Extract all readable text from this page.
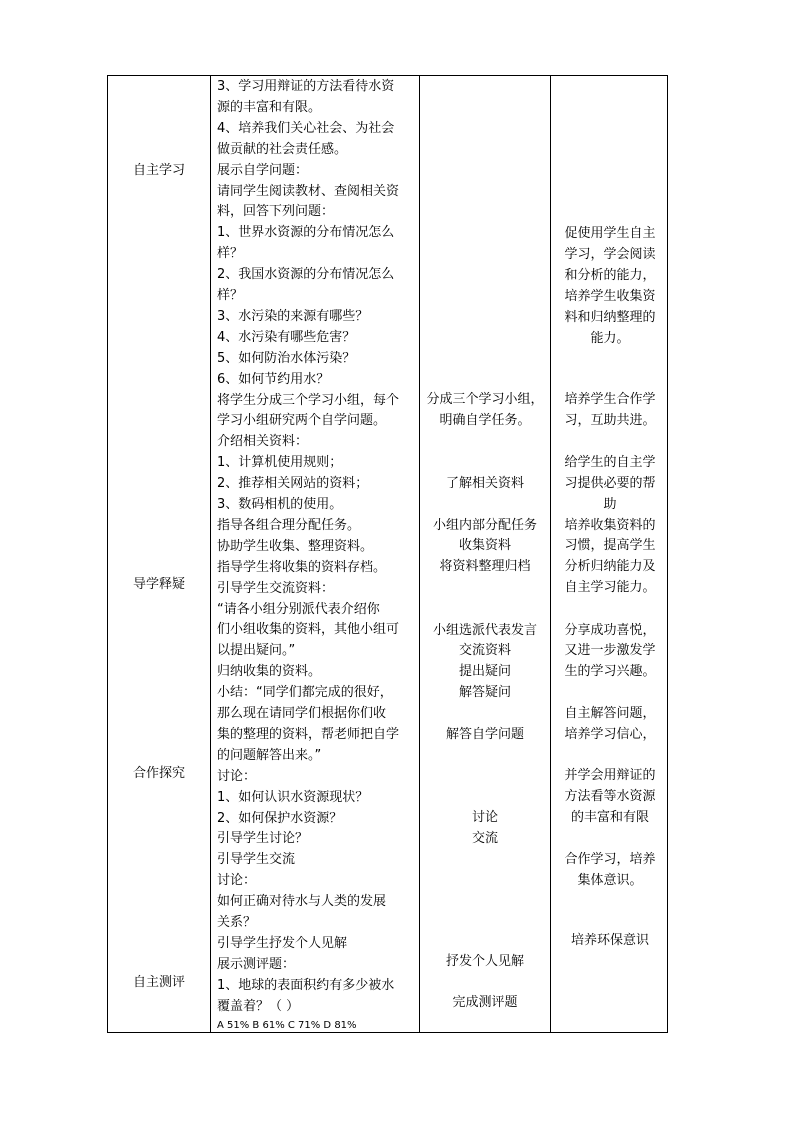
自主学习
导学释疑
合作探究
自主测评
3、学习用辩证的方法看待水资
源的丰富和有限。
4、培养我们关心社会、为社会
做贡献的社会责任感。
展示自学问题：
请同学生阅读教材、查阅相关资
料，回答下列问题：
1、世界水资源的分布情况怎么
样？
2、我国水资源的分布情况怎么
样？
3、水污染的来源有哪些？
4、水污染有哪些危害？
5、如何防治水体污染？
6、如何节约用水？
将学生分成三个学习小组，每个
学习小组研究两个自学问题。
介绍相关资料：
1、计算机使用规则；
2、推荐相关网站的资料；
3、数码相机的使用。
指导各组合理分配任务。
协助学生收集、整理资料。
指导学生将收集的资料存档。
引导学生交流资料：
“请各小组分别派代表介绍你
们小组收集的资料，其他小组可
以提出疑问。”
归纳收集的资料。
小结：“同学们都完成的很好，
那么现在请同学们根据你们收
集的整理的资料，帮老师把自学
的问题解答出来。”
讨论：
1、如何认识水资源现状？
2、如何保护水资源？
引导学生讨论？
引导学生交流
讨论：
如何正确对待水与人类的发展
关系？
引导学生抒发个人见解
展示测评题：
1、地球的表面积约有多少被水
覆盖着？（ ）
A 51% B 61% C 71% D 81%
分成三个学习小组，
明确自学任务。
了解相关资料
小组内部分配任务
收集资料
将资料整理归档
小组选派代表发言
交流资料
提出疑问
解答疑问
解答自学问题
讨论
交流
抒发个人见解
完成测评题
促使用学生自主
学习，学会阅读
和分析的能力，
培养学生收集资
料和归纳整理的
能力。
培养学生合作学
习，互助共进。
给学生的自主学
习提供必要的帮
助
培养收集资料的
习惯，提高学生
分析归纳能力及
自主学习能力。
分享成功喜悦，
又进一步激发学
生的学习兴趣。
自主解答问题，
培养学习信心，
并学会用辩证的
方法看等水资源
的丰富和有限
合作学习，培养
集体意识。
培养环保意识
